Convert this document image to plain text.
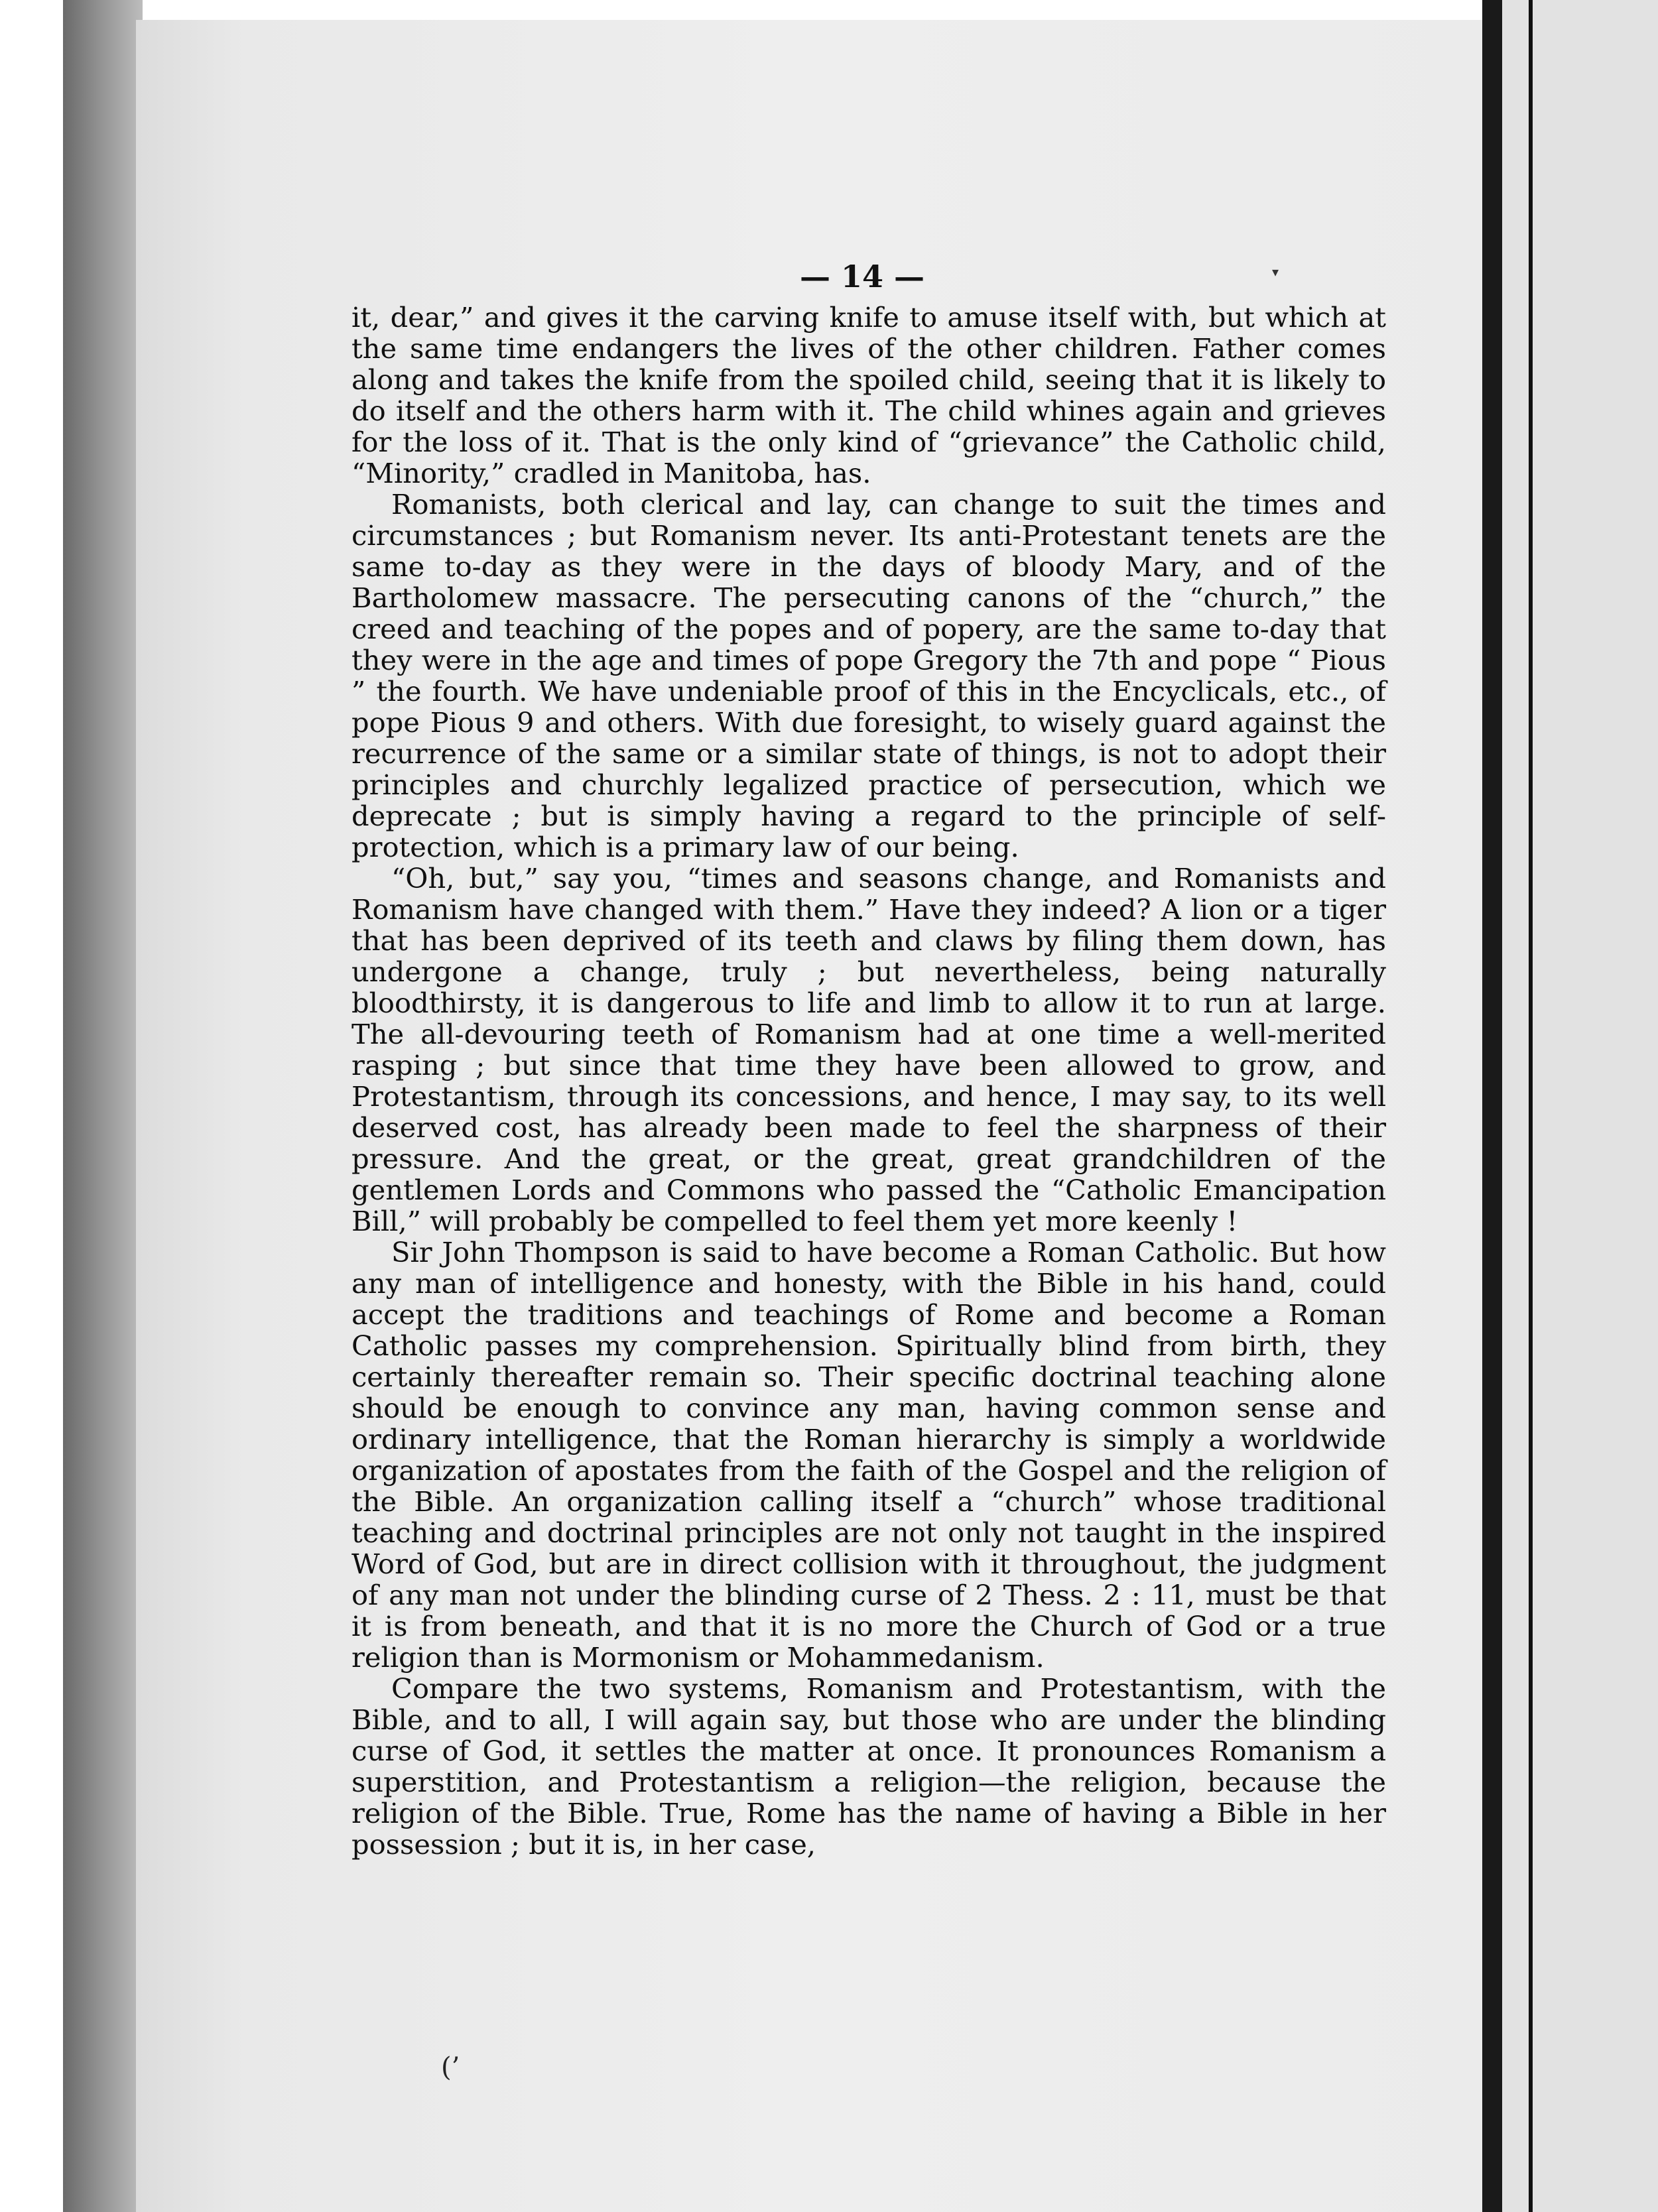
— 14 —	▾

it, dear,” and gives it the carving knife to amuse itself with, but which at the same time endangers the lives of the other children. Father comes along and takes the knife from the spoiled child, seeing that it is likely to do itself and the others harm with it. The child whines again and grieves for the loss of it. That is the only kind of “grievance” the Catholic child, “Minority,” cradled in Manitoba, has.

Romanists, both clerical and lay, can change to suit the times and circumstances ; but Romanism never. Its anti-Protestant tenets are the same to-day as they were in the days of bloody Mary, and of the Bartholomew massacre. The persecuting canons of the “church,” the creed and teaching of the popes and of popery, are the same to-day that they were in the age and times of pope Gregory the 7th and pope “ Pious ” the fourth. We have undeniable proof of this in the Encyclicals, etc., of pope Pious 9 and others. With due foresight, to wisely guard against the recurrence of the same or a similar state of things, is not to adopt their principles and churchly legalized practice of persecution, which we deprecate ; but is simply having a regard to the principle of self-protection, which is a primary law of our being.

“Oh, but,” say you, “times and seasons change, and Romanists and Romanism have changed with them.” Have they indeed? A lion or a tiger that has been deprived of its teeth and claws by filing them down, has undergone a change, truly ; but nevertheless, being naturally bloodthirsty, it is dangerous to life and limb to allow it to run at large. The all-devouring teeth of Romanism had at one time a well-merited rasping ; but since that time they have been allowed to grow, and Protestantism, through its concessions, and hence, I may say, to its well deserved cost, has already been made to feel the sharpness of their pressure. And the great, or the great, great grandchildren of the gentlemen Lords and Commons who passed the “Catholic Emancipation Bill,” will probably be compelled to feel them yet more keenly !

Sir John Thompson is said to have become a Roman Catholic. But how any man of intelligence and honesty, with the Bible in his hand, could accept the traditions and teachings of Rome and become a Roman Catholic passes my comprehension. Spiritually blind from birth, they certainly thereafter remain so. Their specific doctrinal teaching alone should be enough to convince any man, having common sense and ordinary intelligence, that the Roman hierarchy is simply a worldwide organization of apostates from the faith of the Gospel and the religion of the Bible. An organization calling itself a “church” whose traditional teaching and doctrinal principles are not only not taught in the inspired Word of God, but are in direct collision with it throughout, the judgment of any man not under the blinding curse of 2 Thess. 2 : 11, must be that it is from beneath, and that it is no more the Church of God or a true religion than is Mormonism or Mohammedanism.

Compare the two systems, Romanism and Protestantism, with the Bible, and to all, I will again say, but those who are under the blinding curse of God, it settles the matter at once. It pronounces Romanism a superstition, and Protestantism a religion—the religion, because the religion of the Bible. True, Rome has the name of having a Bible in her possession ; but it is, in her case,

(’
